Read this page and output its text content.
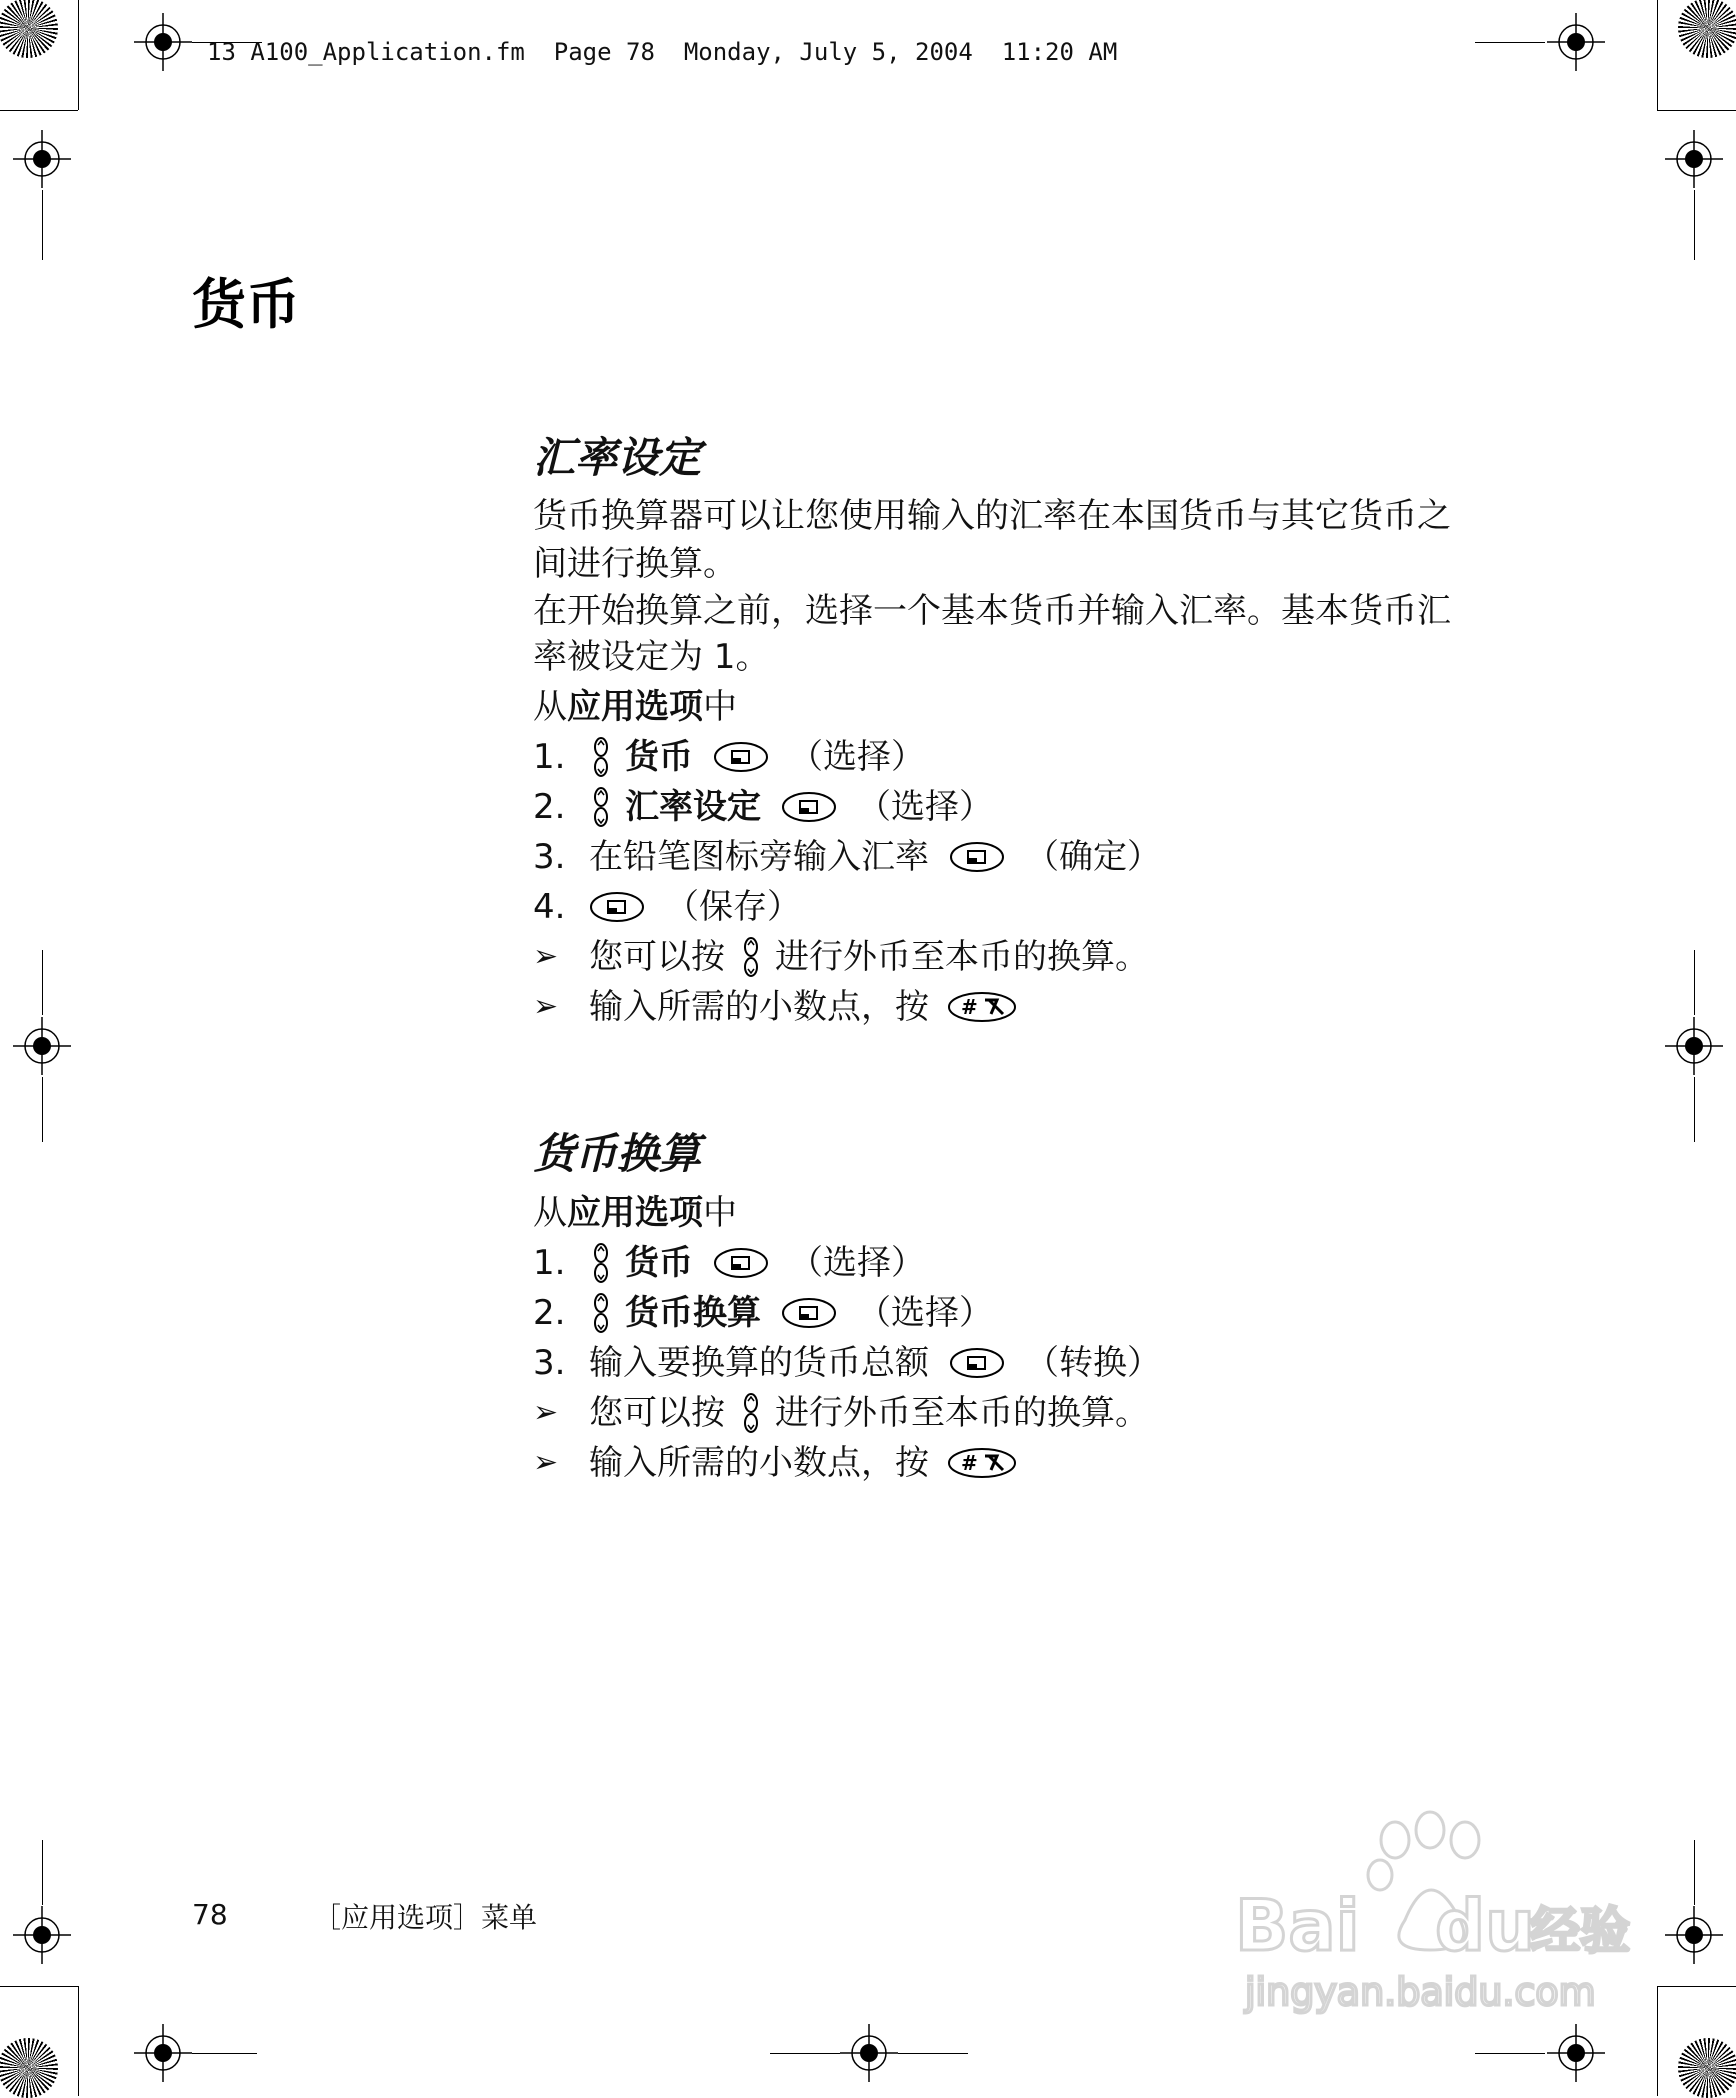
13 A100_Application.fm  Page 78  Monday, July 5, 2004  11:20 AM
货币
汇率设定

货币换算器可以让您使用输入的汇率在本国货币与其它货币之间进行换算。

在开始换算之前，选择一个基本货币并输入汇率。基本货币汇率被设定为 1。

从应用选项中
1.	货币	（选择）
2.	汇率设定	（选择）
3. 在铅笔图标旁输入汇率	（确定）
4.	（保存）
➢ 您可以按 进行外币至本币的换算。
➢ 输入所需的小数点，按 #
货币换算
从应用选项中
1.	货币	（选择）
2.	货币换算	（选择）
3. 输入要换算的货币总额	（转换）
➢ 您可以按 进行外币至本币的换算。
➢ 输入所需的小数点，按 #
78	［应用选项］菜单	Bai du
经验
jingyan.baidu.com
